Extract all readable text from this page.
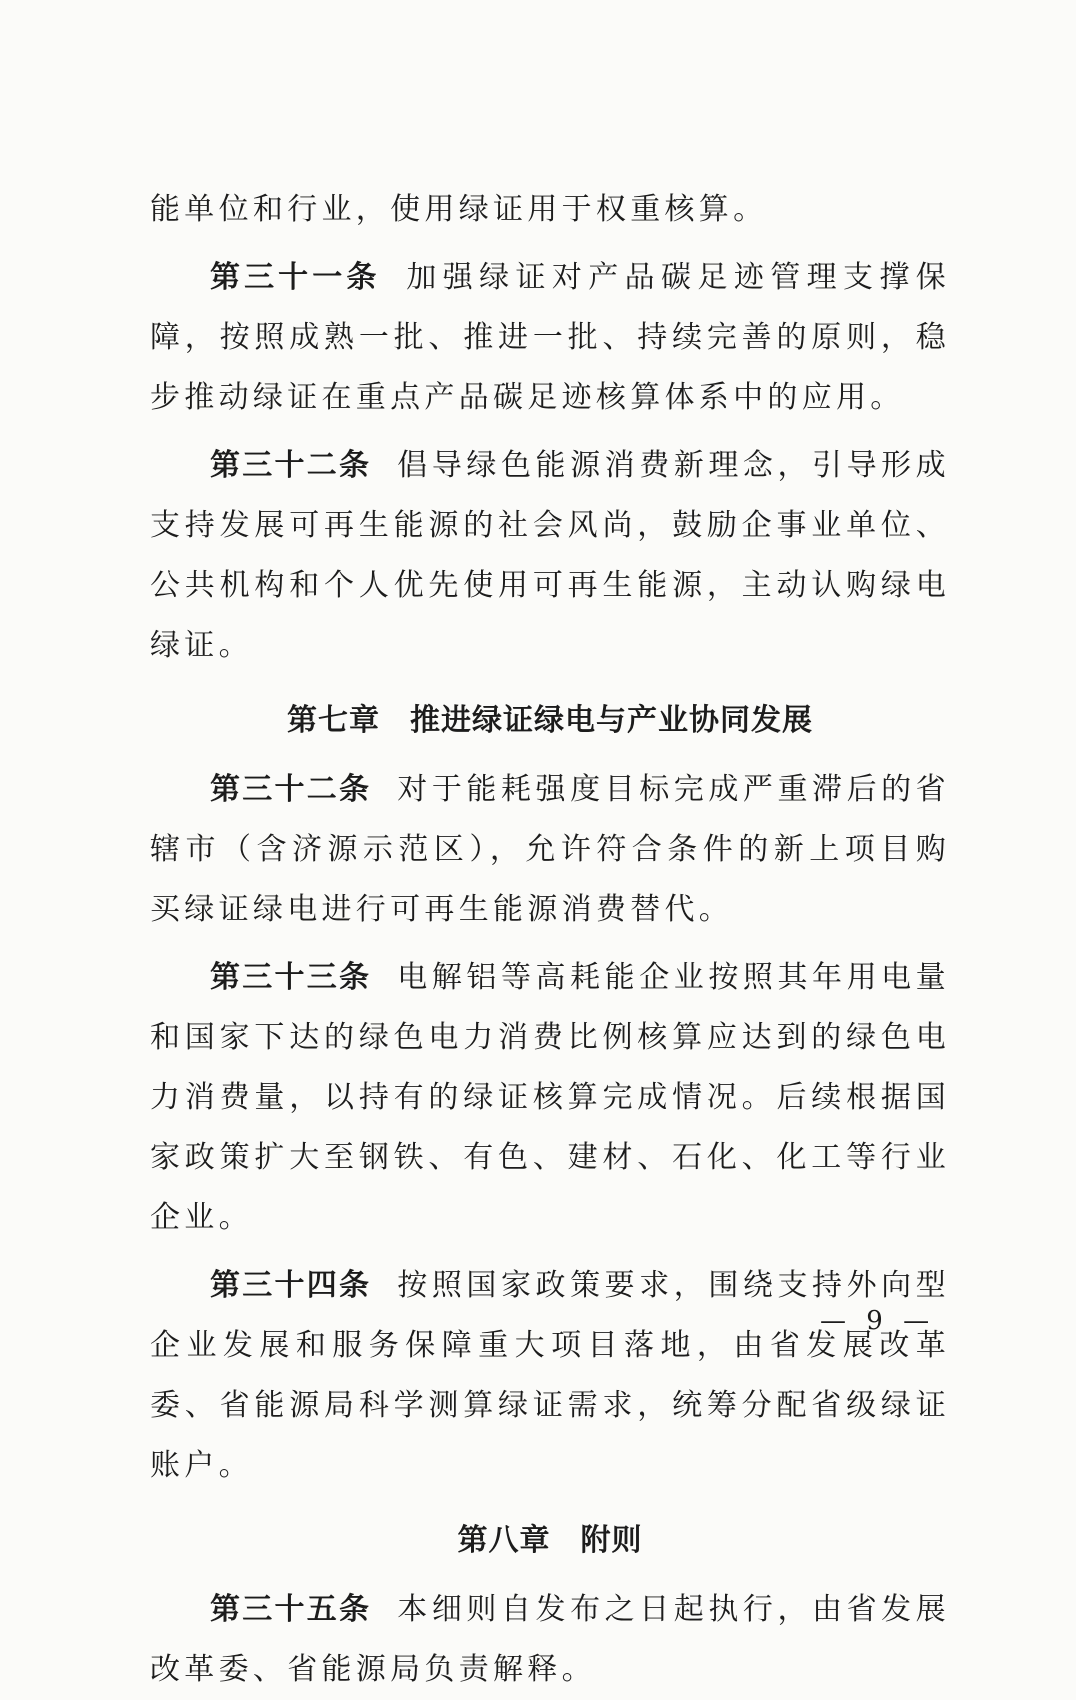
能单位和行业，使用绿证用于权重核算。

第三十一条 加强绿证对产品碳足迹管理支撑保障，按照成熟一批、推进一批、持续完善的原则，稳步推动绿证在重点产品碳足迹核算体系中的应用。

第三十二条 倡导绿色能源消费新理念，引导形成支持发展可再生能源的社会风尚，鼓励企事业单位、公共机构和个人优先使用可再生能源，主动认购绿电绿证。

第七章 推进绿证绿电与产业协同发展

第三十二条 对于能耗强度目标完成严重滞后的省辖市（含济源示范区），允许符合条件的新上项目购买绿证绿电进行可再生能源消费替代。

第三十三条 电解铝等高耗能企业按照其年用电量和国家下达的绿色电力消费比例核算应达到的绿色电力消费量，以持有的绿证核算完成情况。后续根据国家政策扩大至钢铁、有色、建材、石化、化工等行业企业。

第三十四条 按照国家政策要求，围绕支持外向型企业发展和服务保障重大项目落地，由省发展改革委、省能源局科学测算绿证需求，统筹分配省级绿证账户。

第八章 附则

第三十五条 本细则自发布之日起执行，由省发展改革委、省能源局负责解释。

— 9 —
